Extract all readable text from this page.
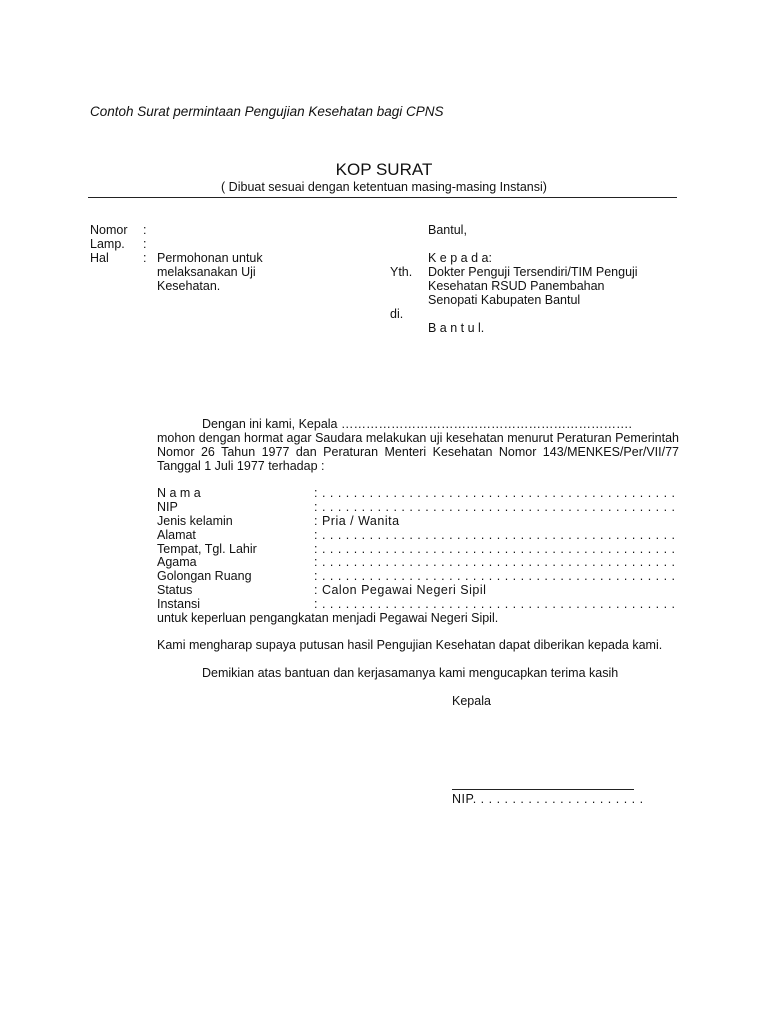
Contoh Surat permintaan Pengujian Kesehatan bagi CPNS
KOP SURAT
( Dibuat sesuai dengan ketentuan masing-masing Instansi)
Nomor :
Lamp. :
Hal	: Permohonan untuk
melaksanakan Uji
Kesehatan.
Bantul,
K e p a d a:
Yth. Dokter Penguji Tersendiri/TIM Penguji
Kesehatan RSUD Panembahan
Senopati Kabupaten Bantul
di.
B a n t u l.
Dengan ini kami, Kepala …………………………………………………………….
mohon dengan hormat agar Saudara melakukan uji kesehatan menurut Peraturan Pemerintah Nomor 26 Tahun 1977 dan Peraturan Menteri Kesehatan Nomor 143/MENKES/Per/VII/77 Tanggal 1 Juli 1977 terhadap :
N a m a	: . . . . . . . . . . . . . . . . . . . . . . . . . . . . . . . . . . . . . . . . . . . . .
NIP	: . . . . . . . . . . . . . . . . . . . . . . . . . . . . . . . . . . . . . . . . . . . . .
Jenis kelamin	: Pria / Wanita
Alamat	: . . . . . . . . . . . . . . . . . . . . . . . . . . . . . . . . . . . . . . . . . . . . .
Tempat, Tgl. Lahir	: . . . . . . . . . . . . . . . . . . . . . . . . . . . . . . . . . . . . . . . . . . . . .
Agama	: . . . . . . . . . . . . . . . . . . . . . . . . . . . . . . . . . . . . . . . . . . . . .
Golongan Ruang	: . . . . . . . . . . . . . . . . . . . . . . . . . . . . . . . . . . . . . . . . . . . . .
Status	: Calon Pegawai Negeri Sipil
Instansi	: . . . . . . . . . . . . . . . . . . . . . . . . . . . . . . . . . . . . . . . . . . . . .
untuk keperluan pengangkatan menjadi Pegawai Negeri Sipil.
Kami mengharap supaya putusan hasil Pengujian Kesehatan dapat diberikan kepada kami.
Demikian atas bantuan dan kerjasamanya kami mengucapkan terima kasih
Kepala
NIP. . . . . . . . . . . . . . . . . . . . . .
